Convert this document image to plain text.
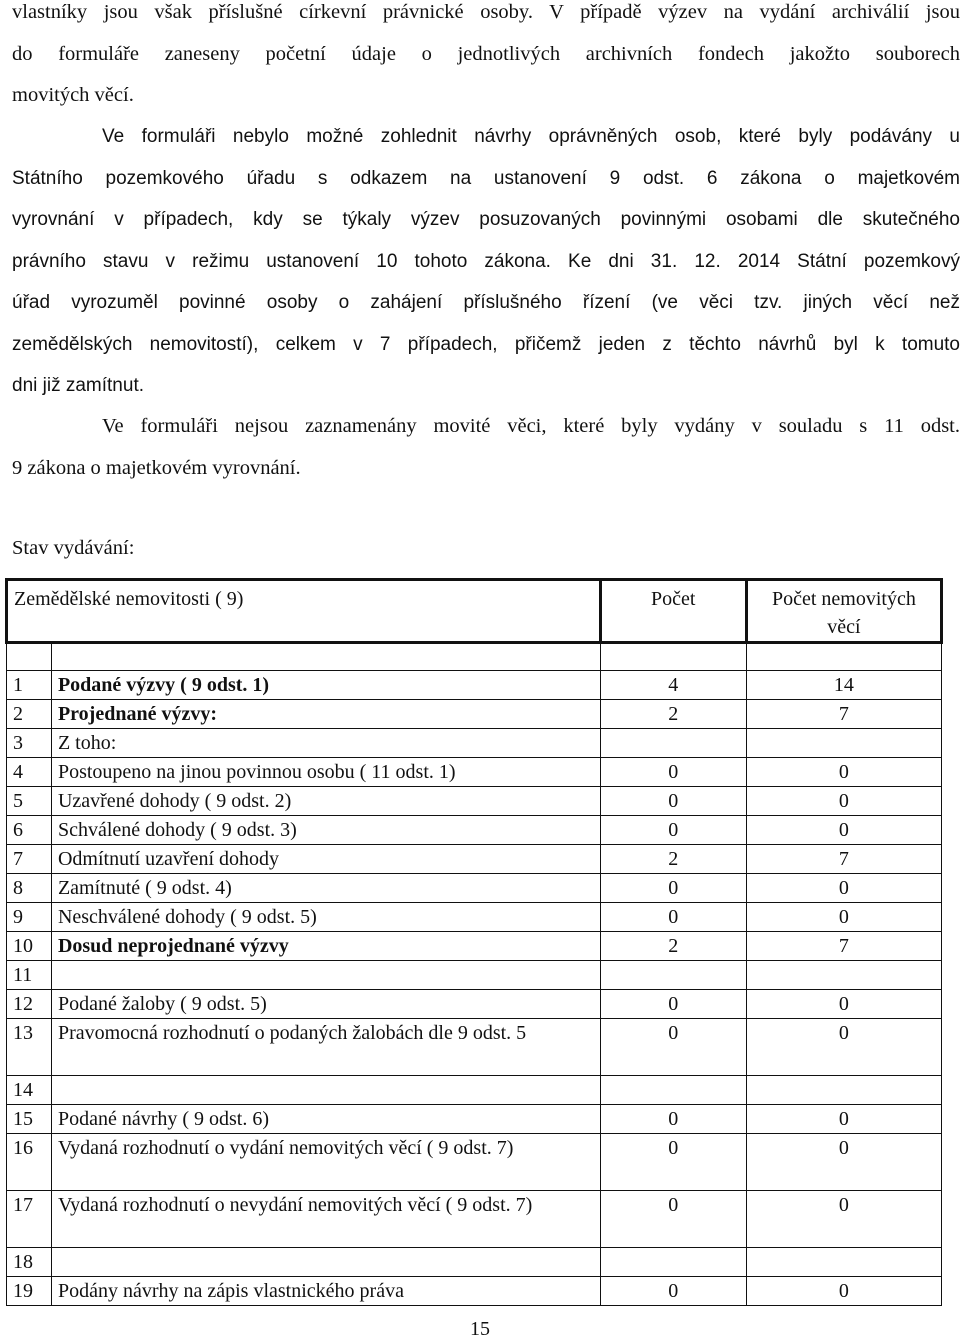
vlastníky jsou však příslušné církevní právnické osoby. V případě výzev na vydání archiválií jsou
do formuláře zaneseny početní údaje o jednotlivých archivních fondech jakožto souborech
movitých věcí.
Ve formuláři nebylo možné zohlednit návrhy oprávněných osob, které byly podávány u
Státního pozemkového úřadu s odkazem na ustanovení 9 odst. 6 zákona o majetkovém
vyrovnání v případech, kdy se týkaly výzev posuzovaných povinnými osobami dle skutečného
právního stavu v režimu ustanovení 10 tohoto zákona. Ke dni 31. 12. 2014 Státní pozemkový
úřad vyrozuměl povinné osoby o zahájení příslušného řízení (ve věci tzv. jiných věcí než
zemědělských nemovitostí), celkem v 7 případech, přičemž jeden z těchto návrhů byl k tomuto
dni již zamítnut.
Ve formuláři nejsou zaznamenány movité věci, které byly vydány v souladu s 11 odst.
9 zákona o majetkovém vyrovnání.
Stav vydávání:
Zemědělské nemovitosti ( 9)		Počet	Počet nemovitých věcí

1	Podané výzvy ( 9 odst. 1)	4	14
2	Projednané výzvy:	2	7
3	Z toho:		
4	Postoupeno na jinou povinnou osobu ( 11 odst. 1)	0	0
5	Uzavřené dohody ( 9 odst. 2)	0	0
6	Schválené dohody ( 9 odst. 3)	0	0
7	Odmítnutí uzavření dohody	2	7
8	Zamítnuté ( 9 odst. 4)	0	0
9	Neschválené dohody ( 9 odst. 5)	0	0
10	Dosud neprojednané výzvy	2	7
11			
12	Podané žaloby ( 9 odst. 5)	0	0
13	Pravomocná rozhodnutí o podaných žalobách dle 9 odst. 5	0	0
14			
15	Podané návrhy ( 9 odst. 6)	0	0
16	Vydaná rozhodnutí o vydání nemovitých věcí ( 9 odst. 7)	0	0
17	Vydaná rozhodnutí o nevydání nemovitých věcí ( 9 odst. 7)	0	0
18			
19	Podány návrhy na zápis vlastnického práva	0	0
15
